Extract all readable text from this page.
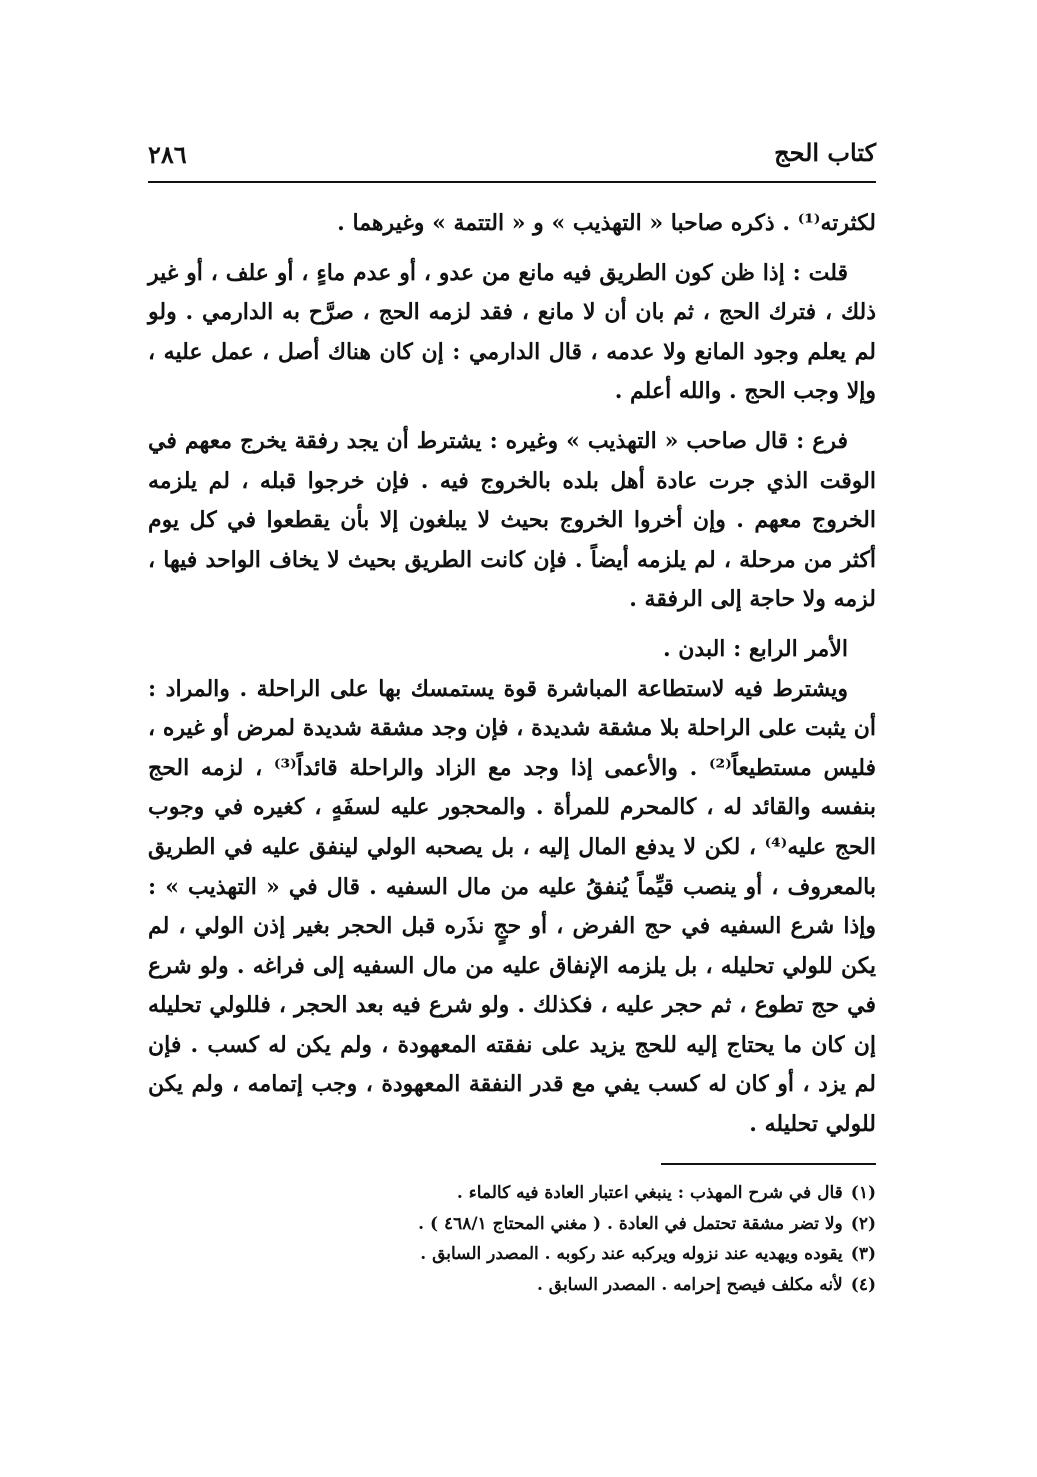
كتاب الحج
٢٨٦

لكثرته⁽¹⁾ . ذكره صاحبا « التهذيب » و « التتمة » وغيرهما .

قلت : إذا ظن كون الطريق فيه مانع من عدو ، أو عدم ماءٍ ، أو علف ، أو غير ذلك ، فترك الحج ، ثم بان أن لا مانع ، فقد لزمه الحج ، صرَّح به الدارمي . ولو لم يعلم وجود المانع ولا عدمه ، قال الدارمي : إن كان هناك أصل ، عمل عليه ، وإلا وجب الحج . والله أعلم .

فرع : قال صاحب « التهذيب » وغيره : يشترط أن يجد رفقة يخرج معهم في الوقت الذي جرت عادة أهل بلده بالخروج فيه . فإن خرجوا قبله ، لم يلزمه الخروج معهم . وإن أخروا الخروج بحيث لا يبلغون إلا بأن يقطعوا في كل يوم أكثر من مرحلة ، لم يلزمه أيضاً . فإن كانت الطريق بحيث لا يخاف الواحد فيها ، لزمه ولا حاجة إلى الرفقة .

الأمر الرابع : البدن .

ويشترط فيه لاستطاعة المباشرة قوة يستمسك بها على الراحلة . والمراد : أن يثبت على الراحلة بلا مشقة شديدة ، فإن وجد مشقة شديدة لمرض أو غيره ، فليس مستطيعاً⁽²⁾ . والأعمى إذا وجد مع الزاد والراحلة قائداً⁽³⁾ ، لزمه الحج بنفسه والقائد له ، كالمحرم للمرأة . والمحجور عليه لسفَهٍ ، كغيره في وجوب الحج عليه⁽⁴⁾ ، لكن لا يدفع المال إليه ، بل يصحبه الولي لينفق عليه في الطريق بالمعروف ، أو ينصب قيِّماً يُنفقُ عليه من مال السفيه . قال في « التهذيب » : وإذا شرع السفيه في حج الفرض ، أو حجٍ نذَره قبل الحجر بغير إذن الولي ، لم يكن للولي تحليله ، بل يلزمه الإنفاق عليه من مال السفيه إلى فراغه . ولو شرع في حج تطوع ، ثم حجر عليه ، فكذلك . ولو شرع فيه بعد الحجر ، فللولي تحليله إن كان ما يحتاج إليه للحج يزيد على نفقته المعهودة ، ولم يكن له كسب . فإن لم يزد ، أو كان له كسب يفي مع قدر النفقة المعهودة ، وجب إتمامه ، ولم يكن للولي تحليله .

(١)قال في شرح المهذب : ينبغي اعتبار العادة فيه كالماء .

(٢)ولا تضر مشقة تحتمل في العادة . ( مغني المحتاج ٤٦٨/١ ) .

(٣)يقوده ويهديه عند نزوله ويركبه عند ركوبه . المصدر السابق .

(٤)لأنه مكلف فيصح إحرامه . المصدر السابق .
